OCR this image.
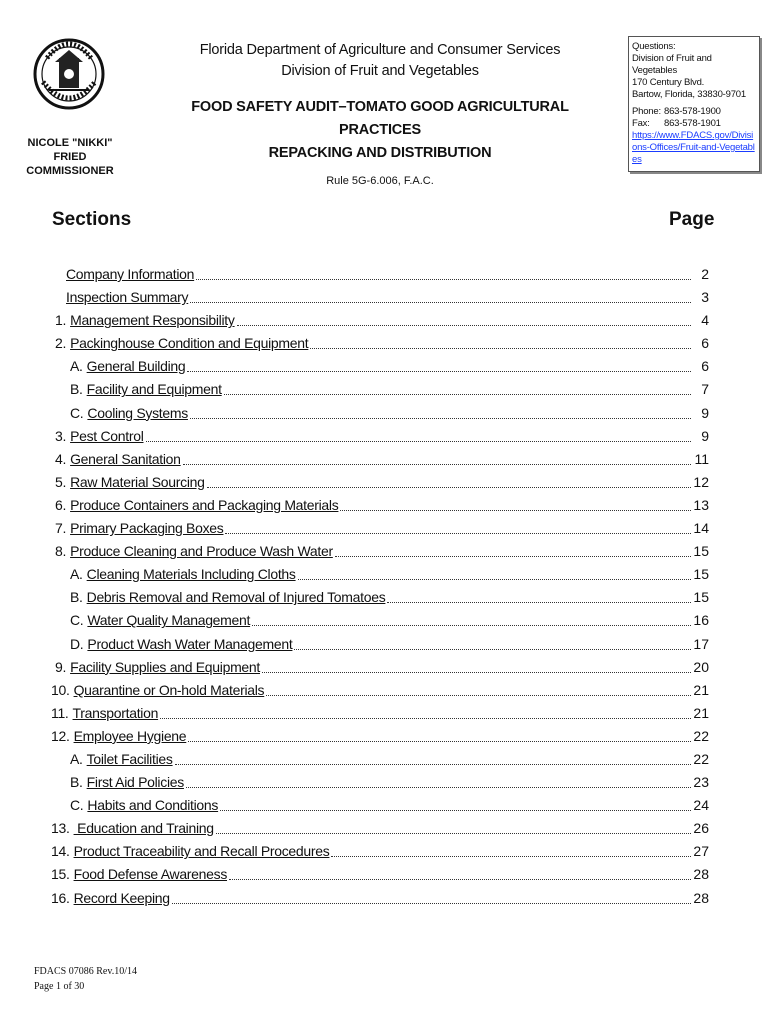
NICOLE "NIKKI" FRIED
COMMISSIONER
Florida Department of Agriculture and Consumer Services
Division of Fruit and Vegetables
FOOD SAFETY AUDIT–TOMATO GOOD AGRICULTURAL PRACTICES
REPACKING AND DISTRIBUTION
Rule 5G-6.006, F.A.C.
Questions:
Division of Fruit and Vegetables
170 Century Blvd.
Bartow, Florida, 33830-9701
Phone: 863-578-1900
Fax:	863-578-1901
https://www.FDACS.gov/Divisions-Offices/Fruit-and-Vegetables
Sections	Page
Company Information	2
Inspection Summary	3
1. Management Responsibility	4
2. Packinghouse Condition and Equipment	6
A. General Building	6
B. Facility and Equipment	7
C. Cooling Systems	9
3. Pest Control	9
4. General Sanitation	11
5. Raw Material Sourcing	12
6. Produce Containers and Packaging Materials	13
7. Primary Packaging Boxes	14
8. Produce Cleaning and Produce Wash Water	15
A. Cleaning Materials Including Cloths	15
B. Debris Removal and Removal of Injured Tomatoes	15
C. Water Quality Management	16
D. Product Wash Water Management	17
9. Facility Supplies and Equipment	20
10. Quarantine or On-hold Materials	21
11. Transportation	21
12. Employee Hygiene	22
A. Toilet Facilities	22
B. First Aid Policies	23
C. Habits and Conditions	24
13. Education and Training	26
14. Product Traceability and Recall Procedures	27
15. Food Defense Awareness	28
16. Record Keeping	28
FDACS 07086 Rev.10/14
Page 1 of 30
